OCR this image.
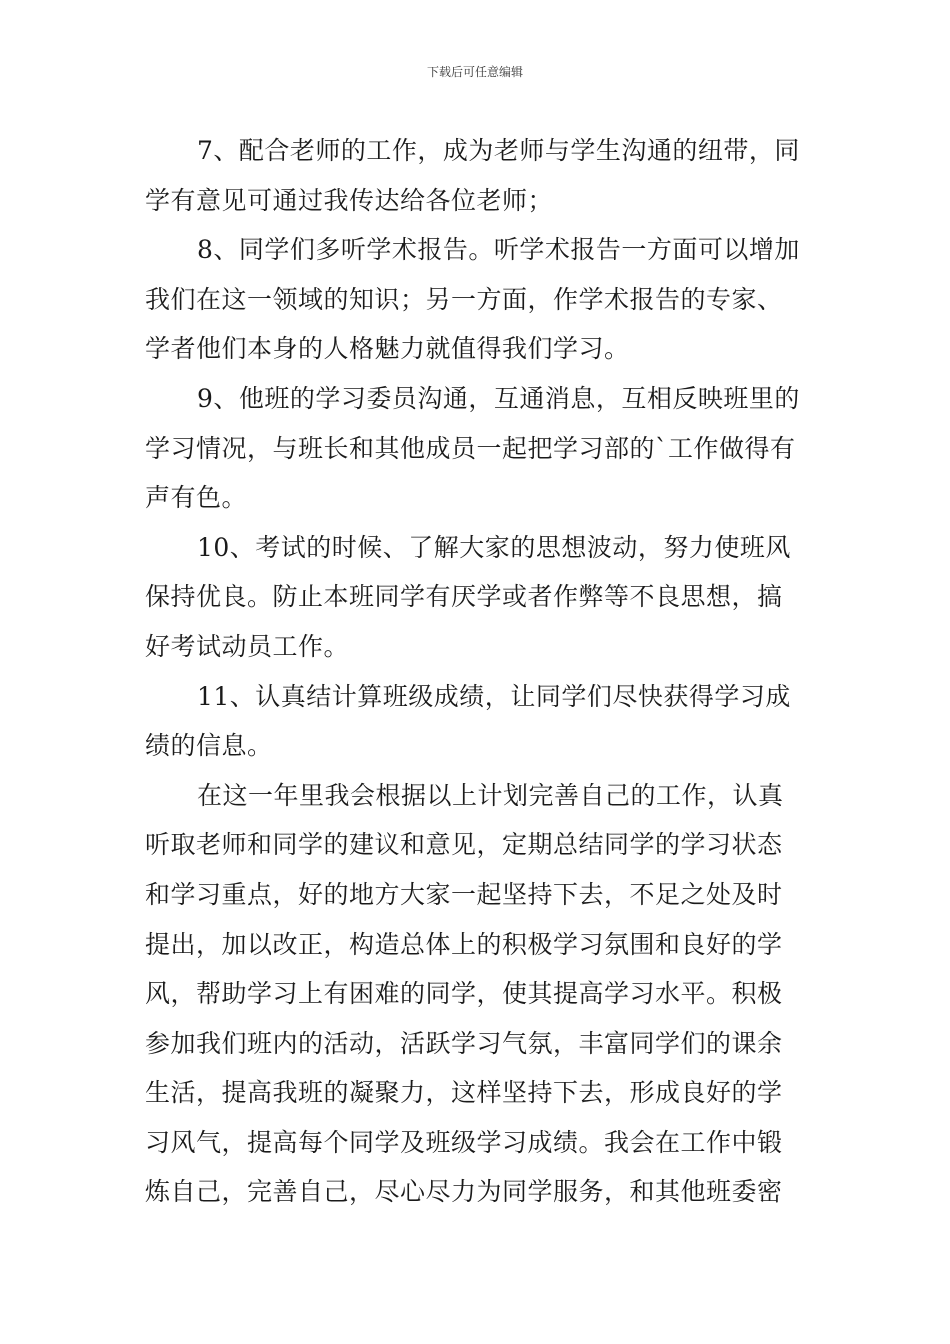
下载后可任意编辑

7、配合老师的工作，成为老师与学生沟通的纽带，同
学有意见可通过我传达给各位老师；

8、同学们多听学术报告。听学术报告一方面可以增加
我们在这一领域的知识；另一方面，作学术报告的专家、
学者他们本身的人格魅力就值得我们学习。

9、他班的学习委员沟通，互通消息，互相反映班里的
学习情况，与班长和其他成员一起把学习部的`工作做得有
声有色。

10、考试的时候、了解大家的思想波动，努力使班风
保持优良。防止本班同学有厌学或者作弊等不良思想，搞
好考试动员工作。

11、认真结计算班级成绩，让同学们尽快获得学习成
绩的信息。

在这一年里我会根据以上计划完善自己的工作，认真
听取老师和同学的建议和意见，定期总结同学的学习状态
和学习重点，好的地方大家一起坚持下去，不足之处及时
提出，加以改正，构造总体上的积极学习氛围和良好的学
风，帮助学习上有困难的同学，使其提高学习水平。积极
参加我们班内的活动，活跃学习气氛，丰富同学们的课余
生活，提高我班的凝聚力，这样坚持下去，形成良好的学
习风气，提高每个同学及班级学习成绩。我会在工作中锻
炼自己，完善自己，尽心尽力为同学服务，和其他班委密
